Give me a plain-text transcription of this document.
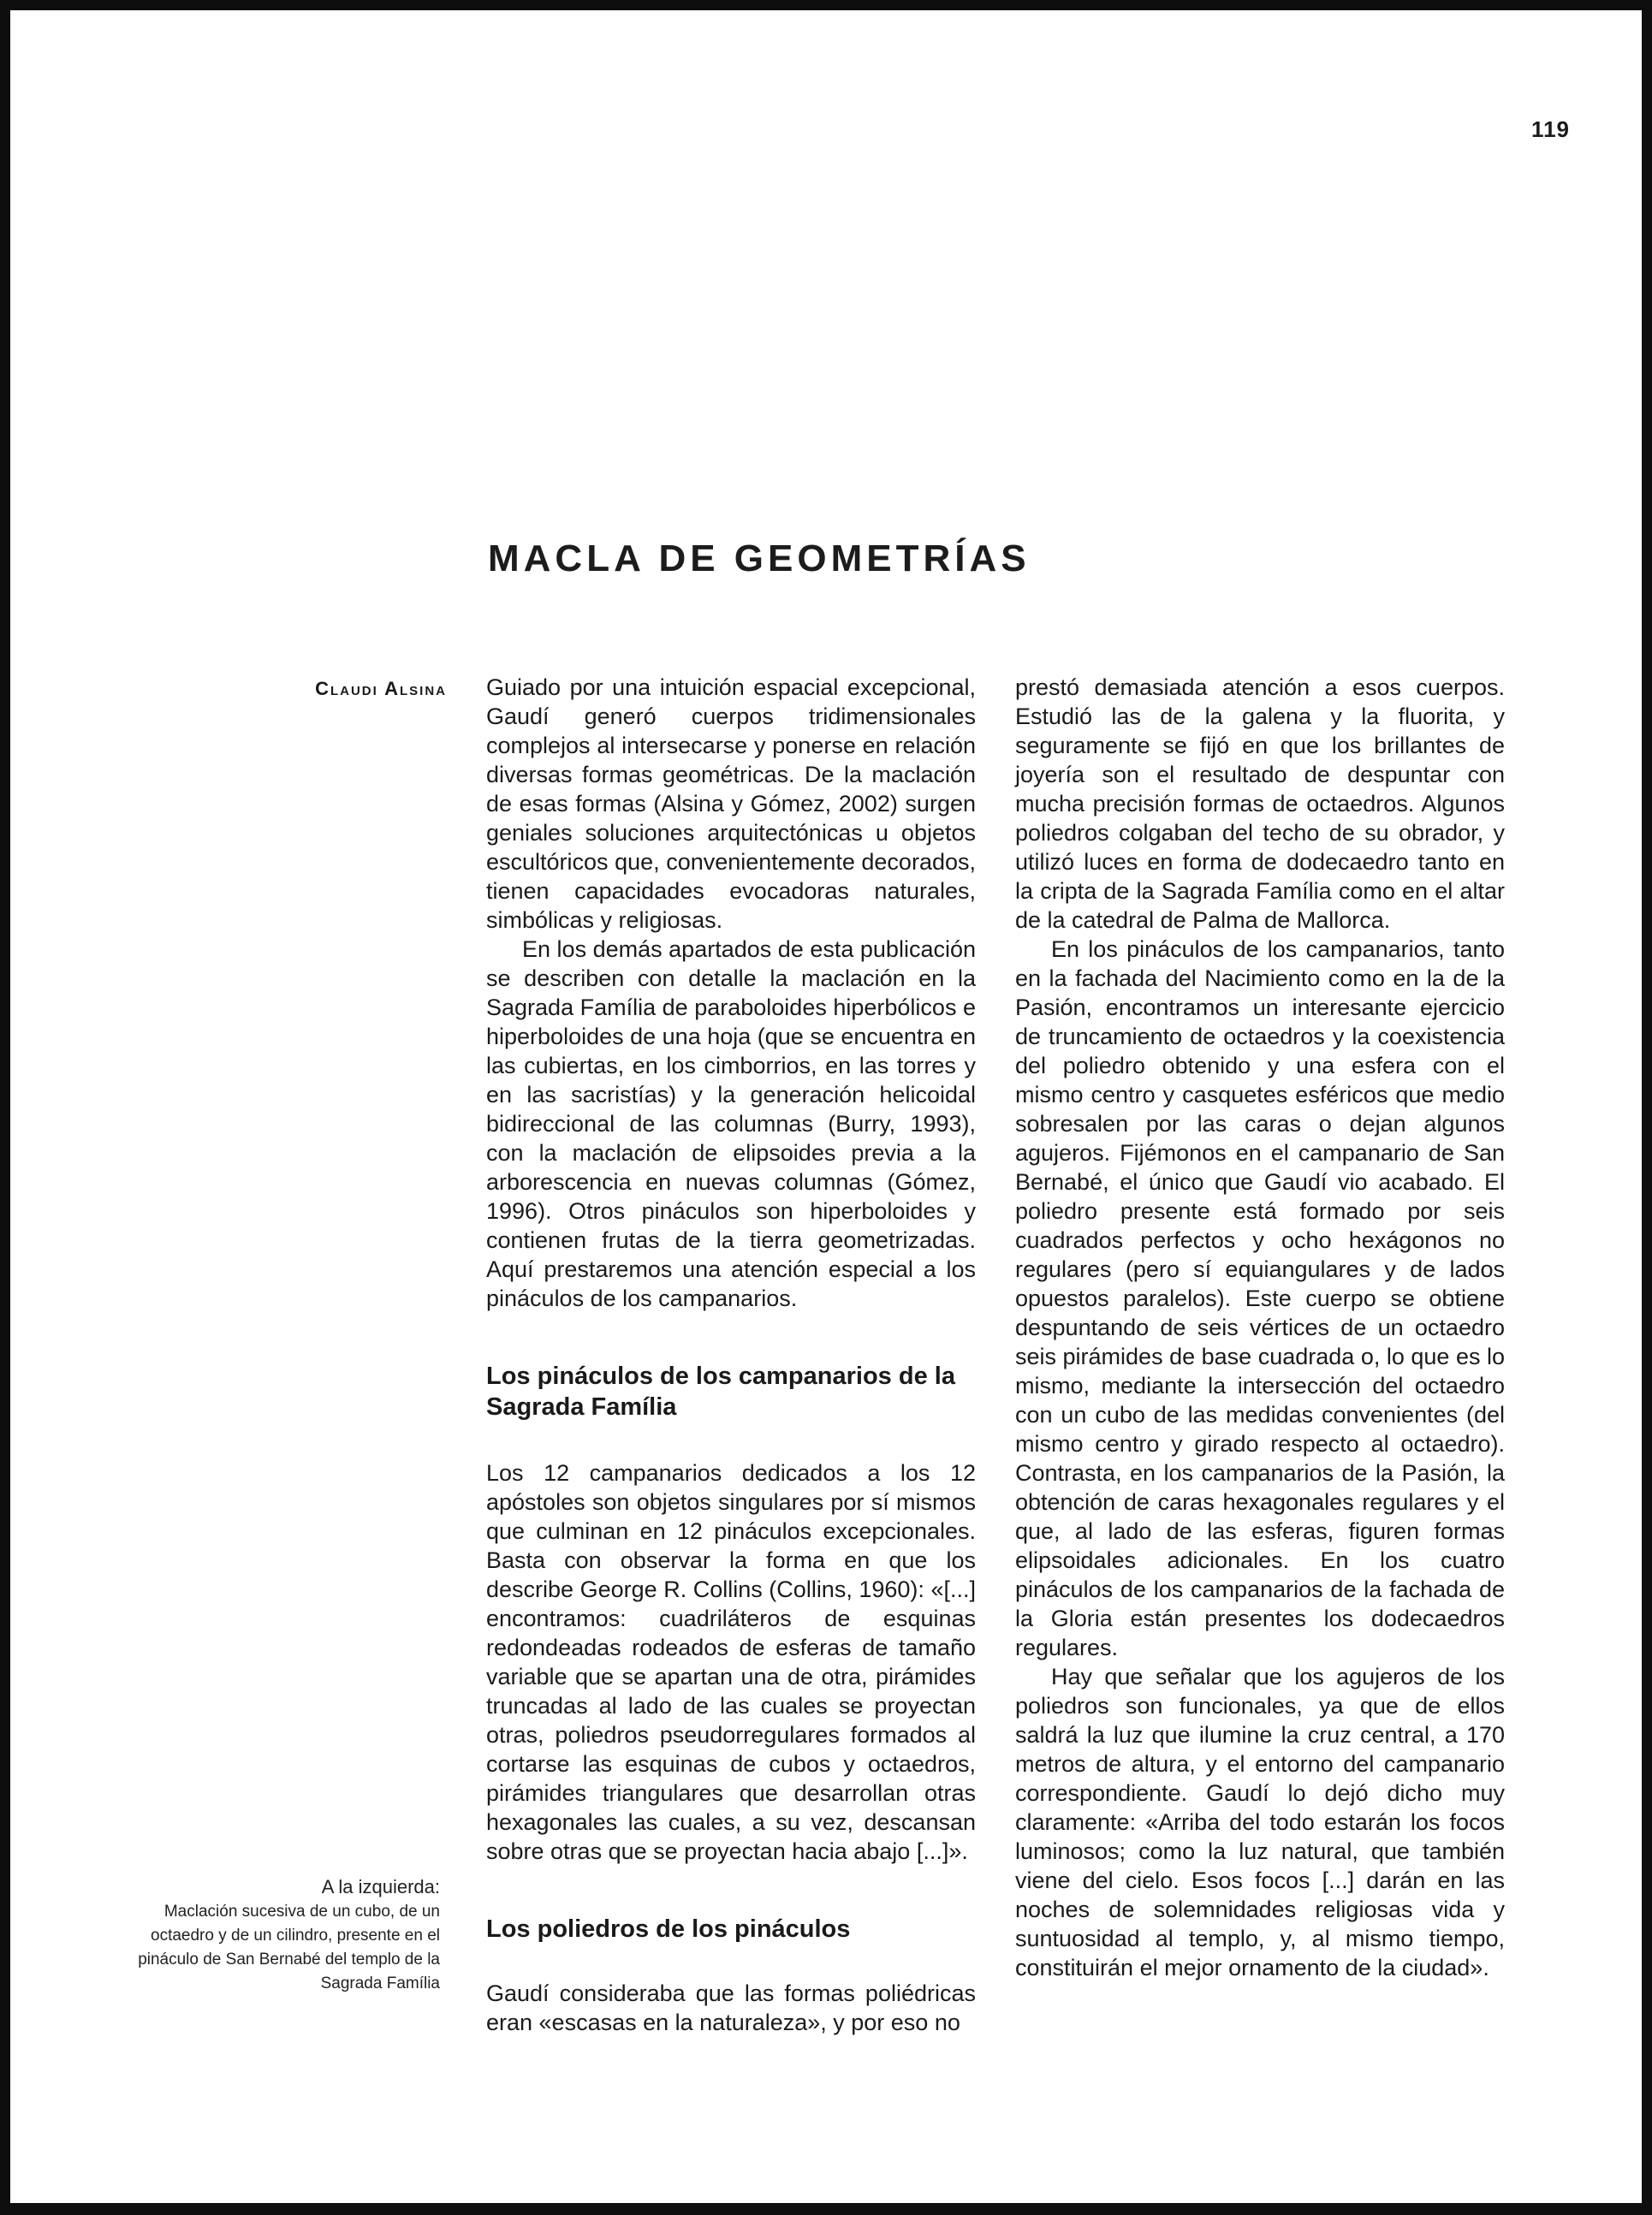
119
MACLA DE GEOMETRÍAS
Claudi Alsina Guiado por una intuición espacial excepcional, Gaudí generó cuerpos tridimensionales complejos al intersecarse y ponerse en relación diversas formas geométricas. De la maclación de esas formas (Alsina y Gómez, 2002) surgen geniales soluciones arquitectónicas u objetos escultóricos que, convenientemente decorados, tienen capacidades evocadoras naturales, simbólicas y religiosas.

En los demás apartados de esta publicación se describen con detalle la maclación en la Sagrada Família de paraboloides hiperbólicos e hiperboloides de una hoja (que se encuentra en las cubiertas, en los cimborrios, en las torres y en las sacristías) y la generación helicoidal bidireccional de las columnas (Burry, 1993), con la maclación de elipsoides previa a la arborescencia en nuevas columnas (Gómez, 1996). Otros pináculos son hiperboloides y contienen frutas de la tierra geometrizadas. Aquí prestaremos una atención especial a los pináculos de los campanarios.

Los pináculos de los campanarios de la Sagrada Família

Los 12 campanarios dedicados a los 12 apóstoles son objetos singulares por sí mismos que culminan en 12 pináculos excepcionales. Basta con observar la forma en que los describe George R. Collins (Collins, 1960): «[...] encontramos: cuadriláteros de esquinas redondeadas rodeados de esferas de tamaño variable que se apartan una de otra, pirámides truncadas al lado de las cuales se proyectan otras, poliedros pseudorregulares formados al cortarse las esquinas de cubos y octaedros, pirámides triangulares que desarrollan otras hexagonales las cuales, a su vez, descansan sobre otras que se proyectan hacia abajo [...]».

Los poliedros de los pináculos

Gaudí consideraba que las formas poliédricas eran «escasas en la naturaleza», y por eso no

prestó demasiada atención a esos cuerpos. Estudió las de la galena y la fluorita, y seguramente se fijó en que los brillantes de joyería son el resultado de despuntar con mucha precisión formas de octaedros. Algunos poliedros colgaban del techo de su obrador, y utilizó luces en forma de dodecaedro tanto en la cripta de la Sagrada Família como en el altar de la catedral de Palma de Mallorca.

En los pináculos de los campanarios, tanto en la fachada del Nacimiento como en la de la Pasión, encontramos un interesante ejercicio de truncamiento de octaedros y la coexistencia del poliedro obtenido y una esfera con el mismo centro y casquetes esféricos que medio sobresalen por las caras o dejan algunos agujeros. Fijémonos en el campanario de San Bernabé, el único que Gaudí vio acabado. El poliedro presente está formado por seis cuadrados perfectos y ocho hexágonos no regulares (pero sí equiangulares y de lados opuestos paralelos). Este cuerpo se obtiene despuntando de seis vértices de un octaedro seis pirámides de base cuadrada o, lo que es lo mismo, mediante la intersección del octaedro con un cubo de las medidas convenientes (del mismo centro y girado respecto al octaedro). Contrasta, en los campanarios de la Pasión, la obtención de caras hexagonales regulares y el que, al lado de las esferas, figuren formas elipsoidales adicionales. En los cuatro pináculos de los campanarios de la fachada de la Gloria están presentes los dodecaedros regulares.

Hay que señalar que los agujeros de los poliedros son funcionales, ya que de ellos saldrá la luz que ilumine la cruz central, a 170 metros de altura, y el entorno del campanario correspondiente. Gaudí lo dejó dicho muy claramente: «Arriba del todo estarán los focos luminosos; como la luz natural, que también viene del cielo. Esos focos [...] darán en las noches de solemnidades religiosas vida y suntuosidad al templo, y, al mismo tiempo, constituirán el mejor ornamento de la ciudad».

A la izquierda:
Maclación sucesiva de un cubo, de un octaedro y de un cilindro, presente en el pináculo de San Bernabé del templo de la Sagrada Família
